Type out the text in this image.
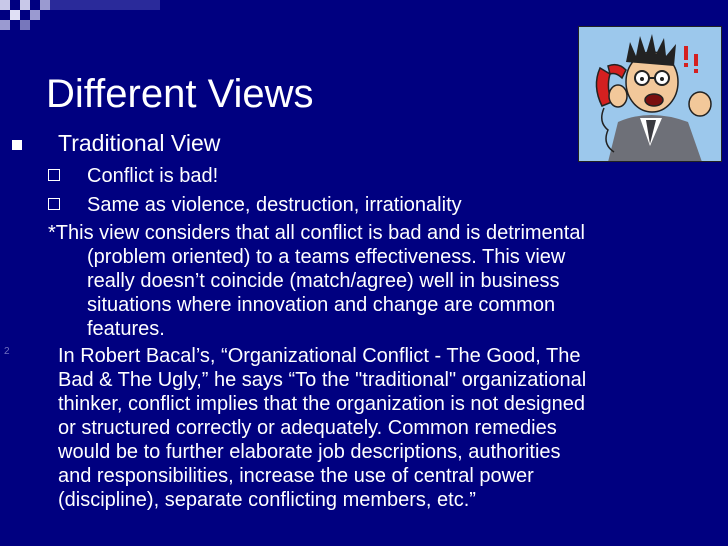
Different Views
Traditional View
Conflict is bad!
Same as violence, destruction, irrationality
*This view considers that all conflict is bad and is detrimental
(problem oriented) to a teams effectiveness. This view
really doesn’t coincide (match/agree) well in business
situations where innovation and change are common
features.
2 In Robert Bacal’s, “Organizational Conflict - The Good, The
Bad & The Ugly,” he says “To the "traditional" organizational
thinker, conflict implies that the organization is not designed
or structured correctly or adequately. Common remedies
would be to further elaborate job descriptions, authorities
and responsibilities, increase the use of central power
(discipline), separate conflicting members, etc.”
